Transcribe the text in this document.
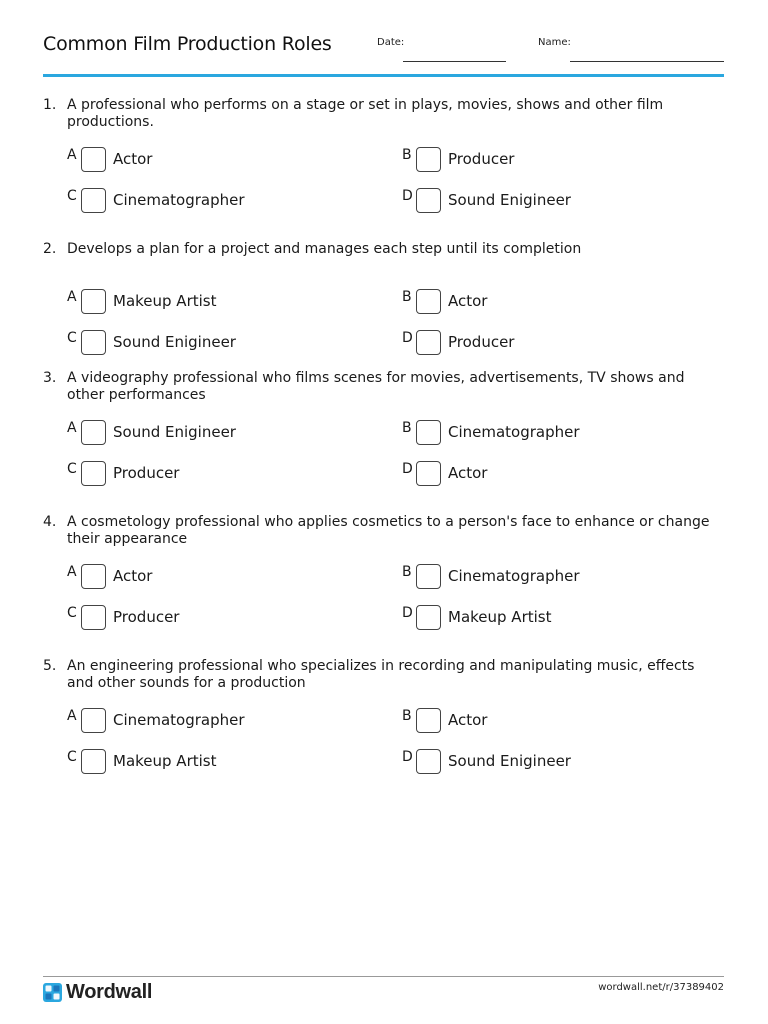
Common Film Production Roles	Date:	Name:
1. A professional who performs on a stage or set in plays, movies, shows and other film productions.
A Actor	B Producer
C Cinematographer	D Sound Enigineer
2. Develops a plan for a project and manages each step until its completion
A Makeup Artist	B Actor
C Sound Enigineer	D Producer
3. A videography professional who films scenes for movies, advertisements, TV shows and other performances
A Sound Enigineer	B Cinematographer
C Producer	D Actor
4. A cosmetology professional who applies cosmetics to a person's face to enhance or change their appearance
A Actor	B Cinematographer
C Producer	D Makeup Artist
5. An engineering professional who specializes in recording and manipulating music, effects and other sounds for a production
A Cinematographer	B Actor
C Makeup Artist	D Sound Enigineer
Wordwall	wordwall.net/r/37389402
